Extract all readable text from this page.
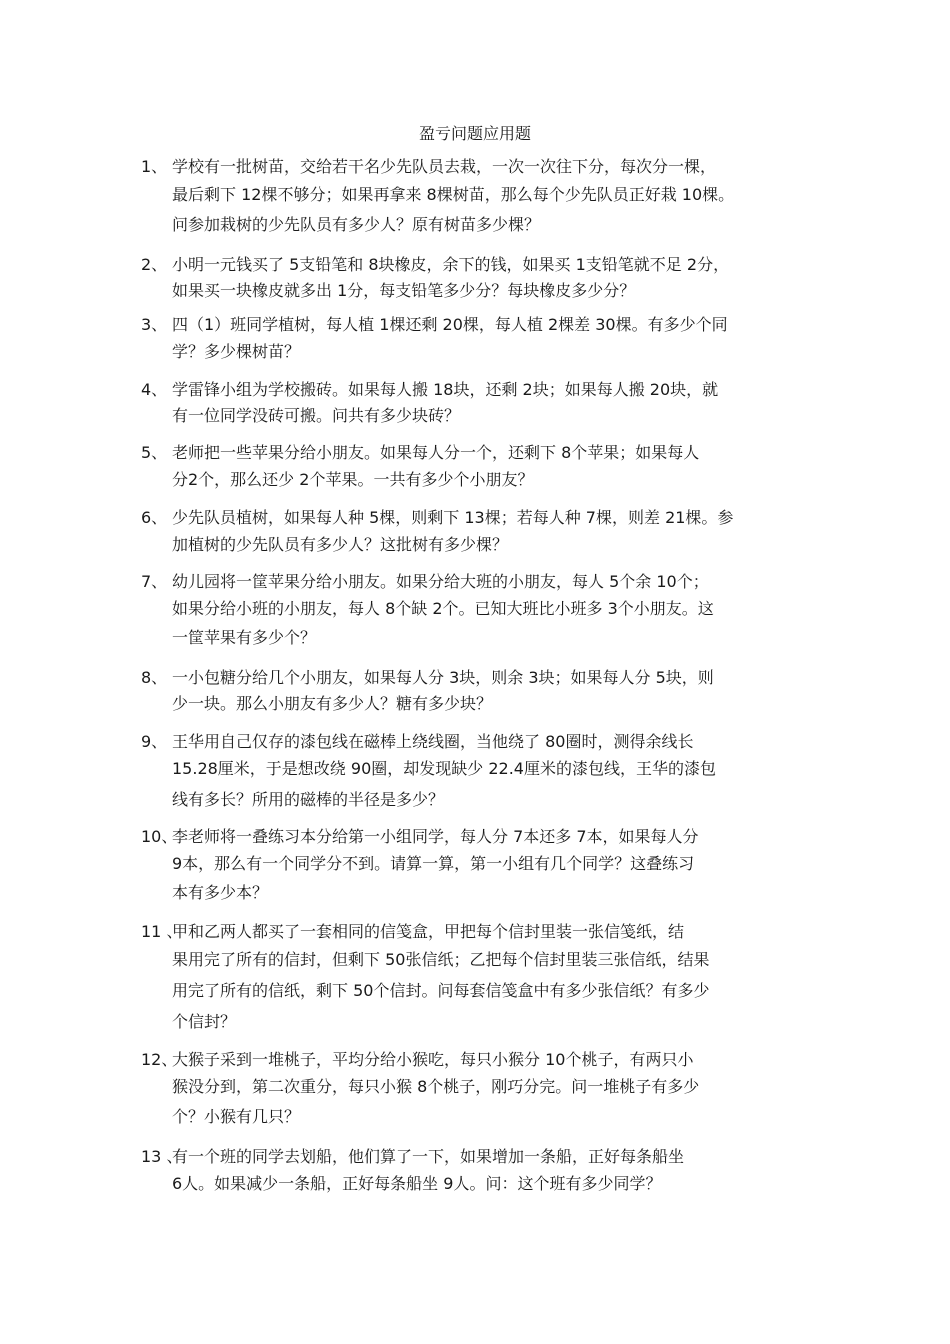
盈亏问题应用题
1、 学校有一批树苗，交给若干名少先队员去栽，一次一次往下分，每次分一棵，
最后剩下 12棵不够分；如果再拿来 8棵树苗，那么每个少先队员正好栽 10棵。
问参加栽树的少先队员有多少人？原有树苗多少棵？
2、 小明一元钱买了 5支铅笔和 8块橡皮，余下的钱，如果买 1支铅笔就不足 2分，
如果买一块橡皮就多出 1分，每支铅笔多少分？每块橡皮多少分？
3、 四（1）班同学植树，每人植 1棵还剩 20棵，每人植 2棵差 30棵。有多少个同
学？多少棵树苗？
4、 学雷锋小组为学校搬砖。如果每人搬 18块，还剩 2块；如果每人搬 20块，就
有一位同学没砖可搬。问共有多少块砖？
5、 老师把一些苹果分给小朋友。如果每人分一个，还剩下 8个苹果；如果每人
分2个，那么还少 2个苹果。一共有多少个小朋友？
6、 少先队员植树，如果每人种 5棵，则剩下 13棵；若每人种 7棵，则差 21棵。参
加植树的少先队员有多少人？这批树有多少棵？
7、 幼儿园将一筐苹果分给小朋友。如果分给大班的小朋友，每人 5个余 10个；
如果分给小班的小朋友，每人 8个缺 2个。已知大班比小班多 3个小朋友。这
一筐苹果有多少个？
8、 一小包糖分给几个小朋友，如果每人分 3块，则余 3块；如果每人分 5块，则
少一块。那么小朋友有多少人？糖有多少块？
9、 王华用自己仅存的漆包线在磁棒上绕线圈，当他绕了 80圈时，测得余线长
15.28厘米，于是想改绕 90圈，却发现缺少 22.4厘米的漆包线，王华的漆包
线有多长？所用的磁棒的半径是多少？
10、
李老师将一叠练习本分给第一小组同学，每人分 7本还多 7本，如果每人分
9本，那么有一个同学分不到。请算一算，第一小组有几个同学？这叠练习
本有多少本？
11 、
甲和乙两人都买了一套相同的信笺盒，甲把每个信封里装一张信笺纸，结
果用完了所有的信封，但剩下 50张信纸；乙把每个信封里装三张信纸，结果
用完了所有的信纸，剩下 50个信封。问每套信笺盒中有多少张信纸？有多少
个信封？
12、
大猴子采到一堆桃子，平均分给小猴吃，每只小猴分 10个桃子，有两只小
猴没分到，第二次重分，每只小猴 8个桃子，刚巧分完。问一堆桃子有多少
个？小猴有几只？
13 、
有一个班的同学去划船，他们算了一下，如果增加一条船，正好每条船坐
6人。如果减少一条船，正好每条船坐 9人。问：这个班有多少同学？
